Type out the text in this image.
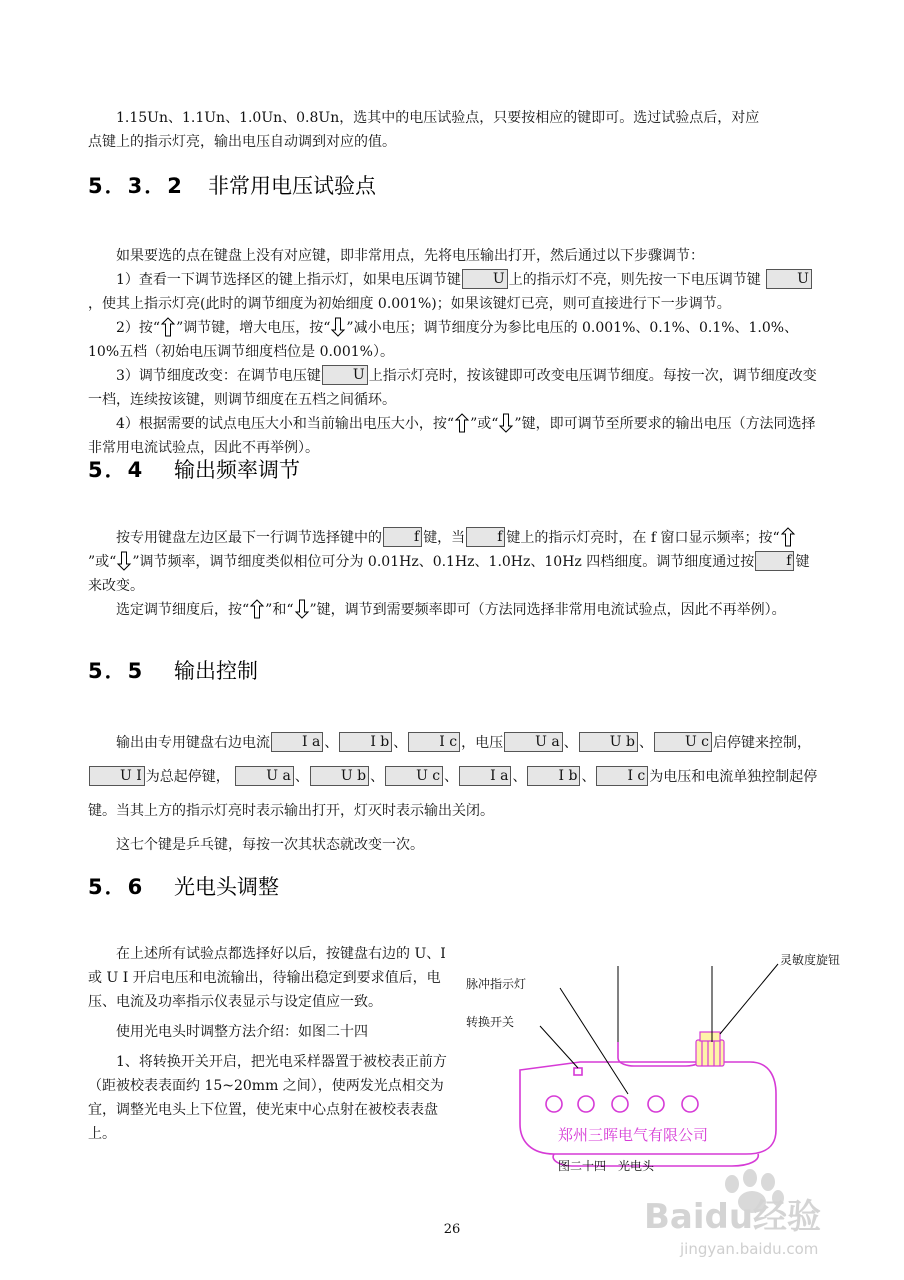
1.15Un、1.1Un、1.0Un、0.8Un，选其中的电压试验点，只要按相应的键即可。选过试验点后，对应

点键上的指示灯亮，输出电压自动调到对应的值。

5．3．2 非常用电压试验点

如果要选的点在键盘上没有对应键，即非常用点，先将电压输出打开，然后通过以下步骤调节：

1）查看一下调节选择区的键上指示灯，如果电压调节键 U 上的指示灯不亮，则先按一下电压调节键	U，使其上指示灯亮(此时的调节细度为初始细度 0.001%)；如果该键灯已亮，则可直接进行下一步调节。

2）按“ ”调节键，增大电压，按“ ”减小电压；调节细度分为参比电压的 0.001%、0.1%、0.1%、1.0%、10%五档（初始电压调节细度档位是 0.001%）。

3）调节细度改变：在调节电压键 U 上指示灯亮时，按该键即可改变电压调节细度。每按一次，调节细度改变一档，连续按该键，则调节细度在五档之间循环。

4）根据需要的试点电压大小和当前输出电压大小，按“ ”或“ ”键，即可调节至所要求的输出电压（方法同选择非常用电流试验点，因此不再举例）。

5．4 输出频率调节

按专用键盘左边区最下一行调节选择键中的 f 键，当 f 键上的指示灯亮时，在 f 窗口显示频率；按“”或“ ”调节频率，调节细度类似相位可分为 0.01Hz、0.1Hz、1.0Hz、10Hz 四档细度。调节细度通过按 f 键来改变。

选定调节细度后，按“ ”和“ ”键，调节到需要频率即可（方法同选择非常用电流试验点，因此不再举例）。

5．5 输出控制

输出由专用键盘右边电流 I a 、 I b 、 I c ，电压 U a 、 U b 、 U c 启停键来控制，  U I 为总起停键，	U a 、 U b 、 U c 、 I a 、 I b 、 I c 为电压和电流单独控制起停键。当其上方的指示灯亮时表示输出打开，灯灭时表示输出关闭。

这七个键是乒乓键，每按一次其状态就改变一次。

5．6 光电头调整

在上述所有试验点都选择好以后，按键盘右边的 U、I 或 U I 开启电压和电流输出，待输出稳定到要求值后，电压、电流及功率指示仪表显示与设定值应一致。

使用光电头时调整方法介绍：如图二十四

1、将转换开关开启，把光电采样器置于被校表正前方（距被校表表面约 15~20mm 之间），使两发光点相交为宜，调整光电头上下位置，使光束中心点射在被校表表盘上。

脉冲指示灯
灵敏度旋钮
转换开关
郑州三晖电气有限公司
图二十四　光电头
26	Baidu经验
jingyan.baidu.com
